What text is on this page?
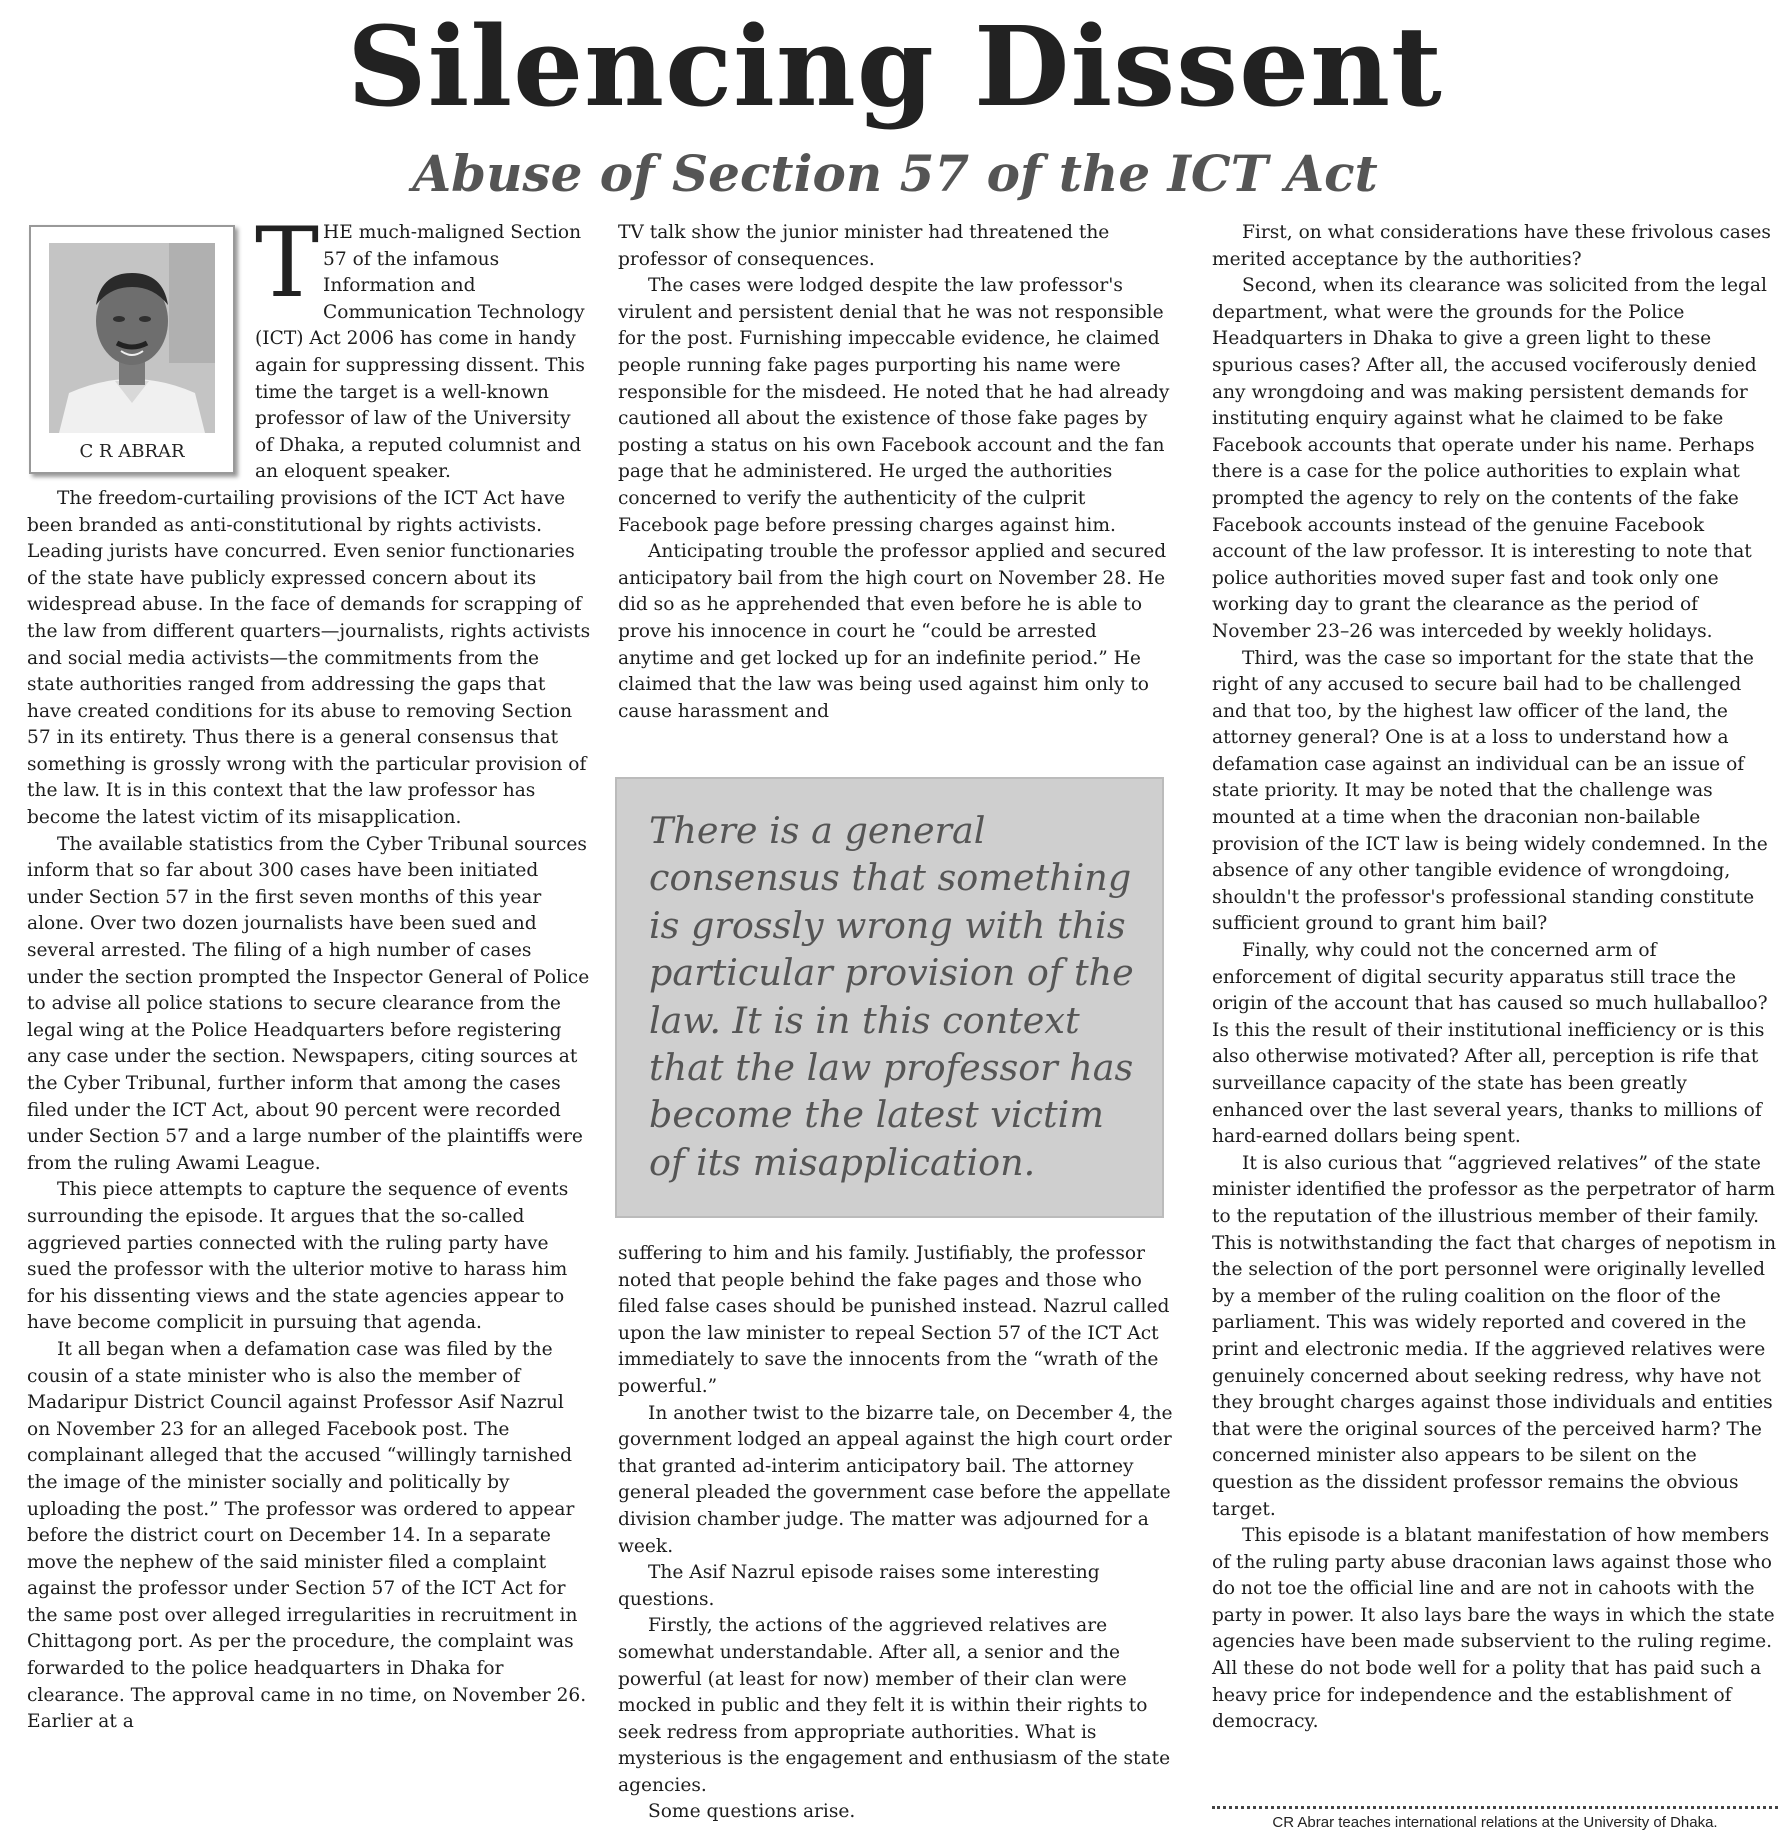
Silencing Dissent
Abuse of Section 57 of the ICT Act
C R ABRAR
T HE much-maligned Section 57 of the infamous Information and Communication Technology (ICT) Act 2006 has come in handy again for suppressing dissent. This time the target is a well-known professor of law of the University of Dhaka, a reputed columnist and an eloquent speaker.

The freedom-curtailing provisions of the ICT Act have been branded as anti-constitutional by rights activists. Leading jurists have concurred. Even senior functionaries of the state have publicly expressed concern about its widespread abuse. In the face of demands for scrapping of the law from different quarters—journalists, rights activists and social media activists—the commitments from the state authorities ranged from addressing the gaps that have created conditions for its abuse to removing Section 57 in its entirety. Thus there is a general consensus that something is grossly wrong with the particular provision of the law. It is in this context that the law professor has become the latest victim of its misapplication.

The available statistics from the Cyber Tribunal sources inform that so far about 300 cases have been initiated under Section 57 in the first seven months of this year alone. Over two dozen journalists have been sued and several arrested. The filing of a high number of cases under the section prompted the Inspector General of Police to advise all police stations to secure clearance from the legal wing at the Police Headquarters before registering any case under the section. Newspapers, citing sources at the Cyber Tribunal, further inform that among the cases filed under the ICT Act, about 90 percent were recorded under Section 57 and a large number of the plaintiffs were from the ruling Awami League.

This piece attempts to capture the sequence of events surrounding the episode. It argues that the so-called aggrieved parties connected with the ruling party have sued the professor with the ulterior motive to harass him for his dissenting views and the state agencies appear to have become complicit in pursuing that agenda.

It all began when a defamation case was filed by the cousin of a state minister who is also the member of Madaripur District Council against Professor Asif Nazrul on November 23 for an alleged Facebook post. The complainant alleged that the accused “willingly tarnished the image of the minister socially and politically by uploading the post.” The professor was ordered to appear before the district court on December 14. In a separate move the nephew of the said minister filed a complaint against the professor under Section 57 of the ICT Act for the same post over alleged irregularities in recruitment in Chittagong port. As per the procedure, the complaint was forwarded to the police headquarters in Dhaka for clearance. The approval came in no time, on November 26. Earlier at a

TV talk show the junior minister had threatened the professor of consequences.

The cases were lodged despite the law professor's virulent and persistent denial that he was not responsible for the post. Furnishing impeccable evidence, he claimed people running fake pages purporting his name were responsible for the misdeed. He noted that he had already cautioned all about the existence of those fake pages by posting a status on his own Facebook account and the fan page that he administered. He urged the authorities concerned to verify the authenticity of the culprit Facebook page before pressing charges against him.

Anticipating trouble the professor applied and secured anticipatory bail from the high court on November 28. He did so as he apprehended that even before he is able to prove his innocence in court he “could be arrested anytime and get locked up for an indefinite period.” He claimed that the law was being used against him only to cause harassment and

There is a general consensus that something is grossly wrong with this particular provision of the law. It is in this context that the law professor has become the latest victim of its misapplication.

suffering to him and his family. Justifiably, the professor noted that people behind the fake pages and those who filed false cases should be punished instead. Nazrul called upon the law minister to repeal Section 57 of the ICT Act immediately to save the innocents from the “wrath of the powerful.”

In another twist to the bizarre tale, on December 4, the government lodged an appeal against the high court order that granted ad-interim anticipatory bail. The attorney general pleaded the government case before the appellate division chamber judge. The matter was adjourned for a week.

The Asif Nazrul episode raises some interesting questions.

Firstly, the actions of the aggrieved relatives are somewhat understandable. After all, a senior and the powerful (at least for now) member of their clan were mocked in public and they felt it is within their rights to seek redress from appropriate authorities. What is mysterious is the engagement and enthusiasm of the state agencies.

Some questions arise.

First, on what considerations have these frivolous cases merited acceptance by the authorities?

Second, when its clearance was solicited from the legal department, what were the grounds for the Police Headquarters in Dhaka to give a green light to these spurious cases? After all, the accused vociferously denied any wrongdoing and was making persistent demands for instituting enquiry against what he claimed to be fake Facebook accounts that operate under his name. Perhaps there is a case for the police authorities to explain what prompted the agency to rely on the contents of the fake Facebook accounts instead of the genuine Facebook account of the law professor. It is interesting to note that police authorities moved super fast and took only one working day to grant the clearance as the period of November 23–26 was interceded by weekly holidays.

Third, was the case so important for the state that the right of any accused to secure bail had to be challenged and that too, by the highest law officer of the land, the attorney general? One is at a loss to understand how a defamation case against an individual can be an issue of state priority. It may be noted that the challenge was mounted at a time when the draconian non-bailable provision of the ICT law is being widely condemned. In the absence of any other tangible evidence of wrongdoing, shouldn't the professor's professional standing constitute sufficient ground to grant him bail?

Finally, why could not the concerned arm of enforcement of digital security apparatus still trace the origin of the account that has caused so much hullaballoo? Is this the result of their institutional inefficiency or is this also otherwise motivated? After all, perception is rife that surveillance capacity of the state has been greatly enhanced over the last several years, thanks to millions of hard-earned dollars being spent.

It is also curious that “aggrieved relatives” of the state minister identified the professor as the perpetrator of harm to the reputation of the illustrious member of their family. This is notwithstanding the fact that charges of nepotism in the selection of the port personnel were originally levelled by a member of the ruling coalition on the floor of the parliament. This was widely reported and covered in the print and electronic media. If the aggrieved relatives were genuinely concerned about seeking redress, why have not they brought charges against those individuals and entities that were the original sources of the perceived harm? The concerned minister also appears to be silent on the question as the dissident professor remains the obvious target.

This episode is a blatant manifestation of how members of the ruling party abuse draconian laws against those who do not toe the official line and are not in cahoots with the party in power. It also lays bare the ways in which the state agencies have been made subservient to the ruling regime. All these do not bode well for a polity that has paid such a heavy price for independence and the establishment of democracy.

CR Abrar teaches international relations at the University of Dhaka.
